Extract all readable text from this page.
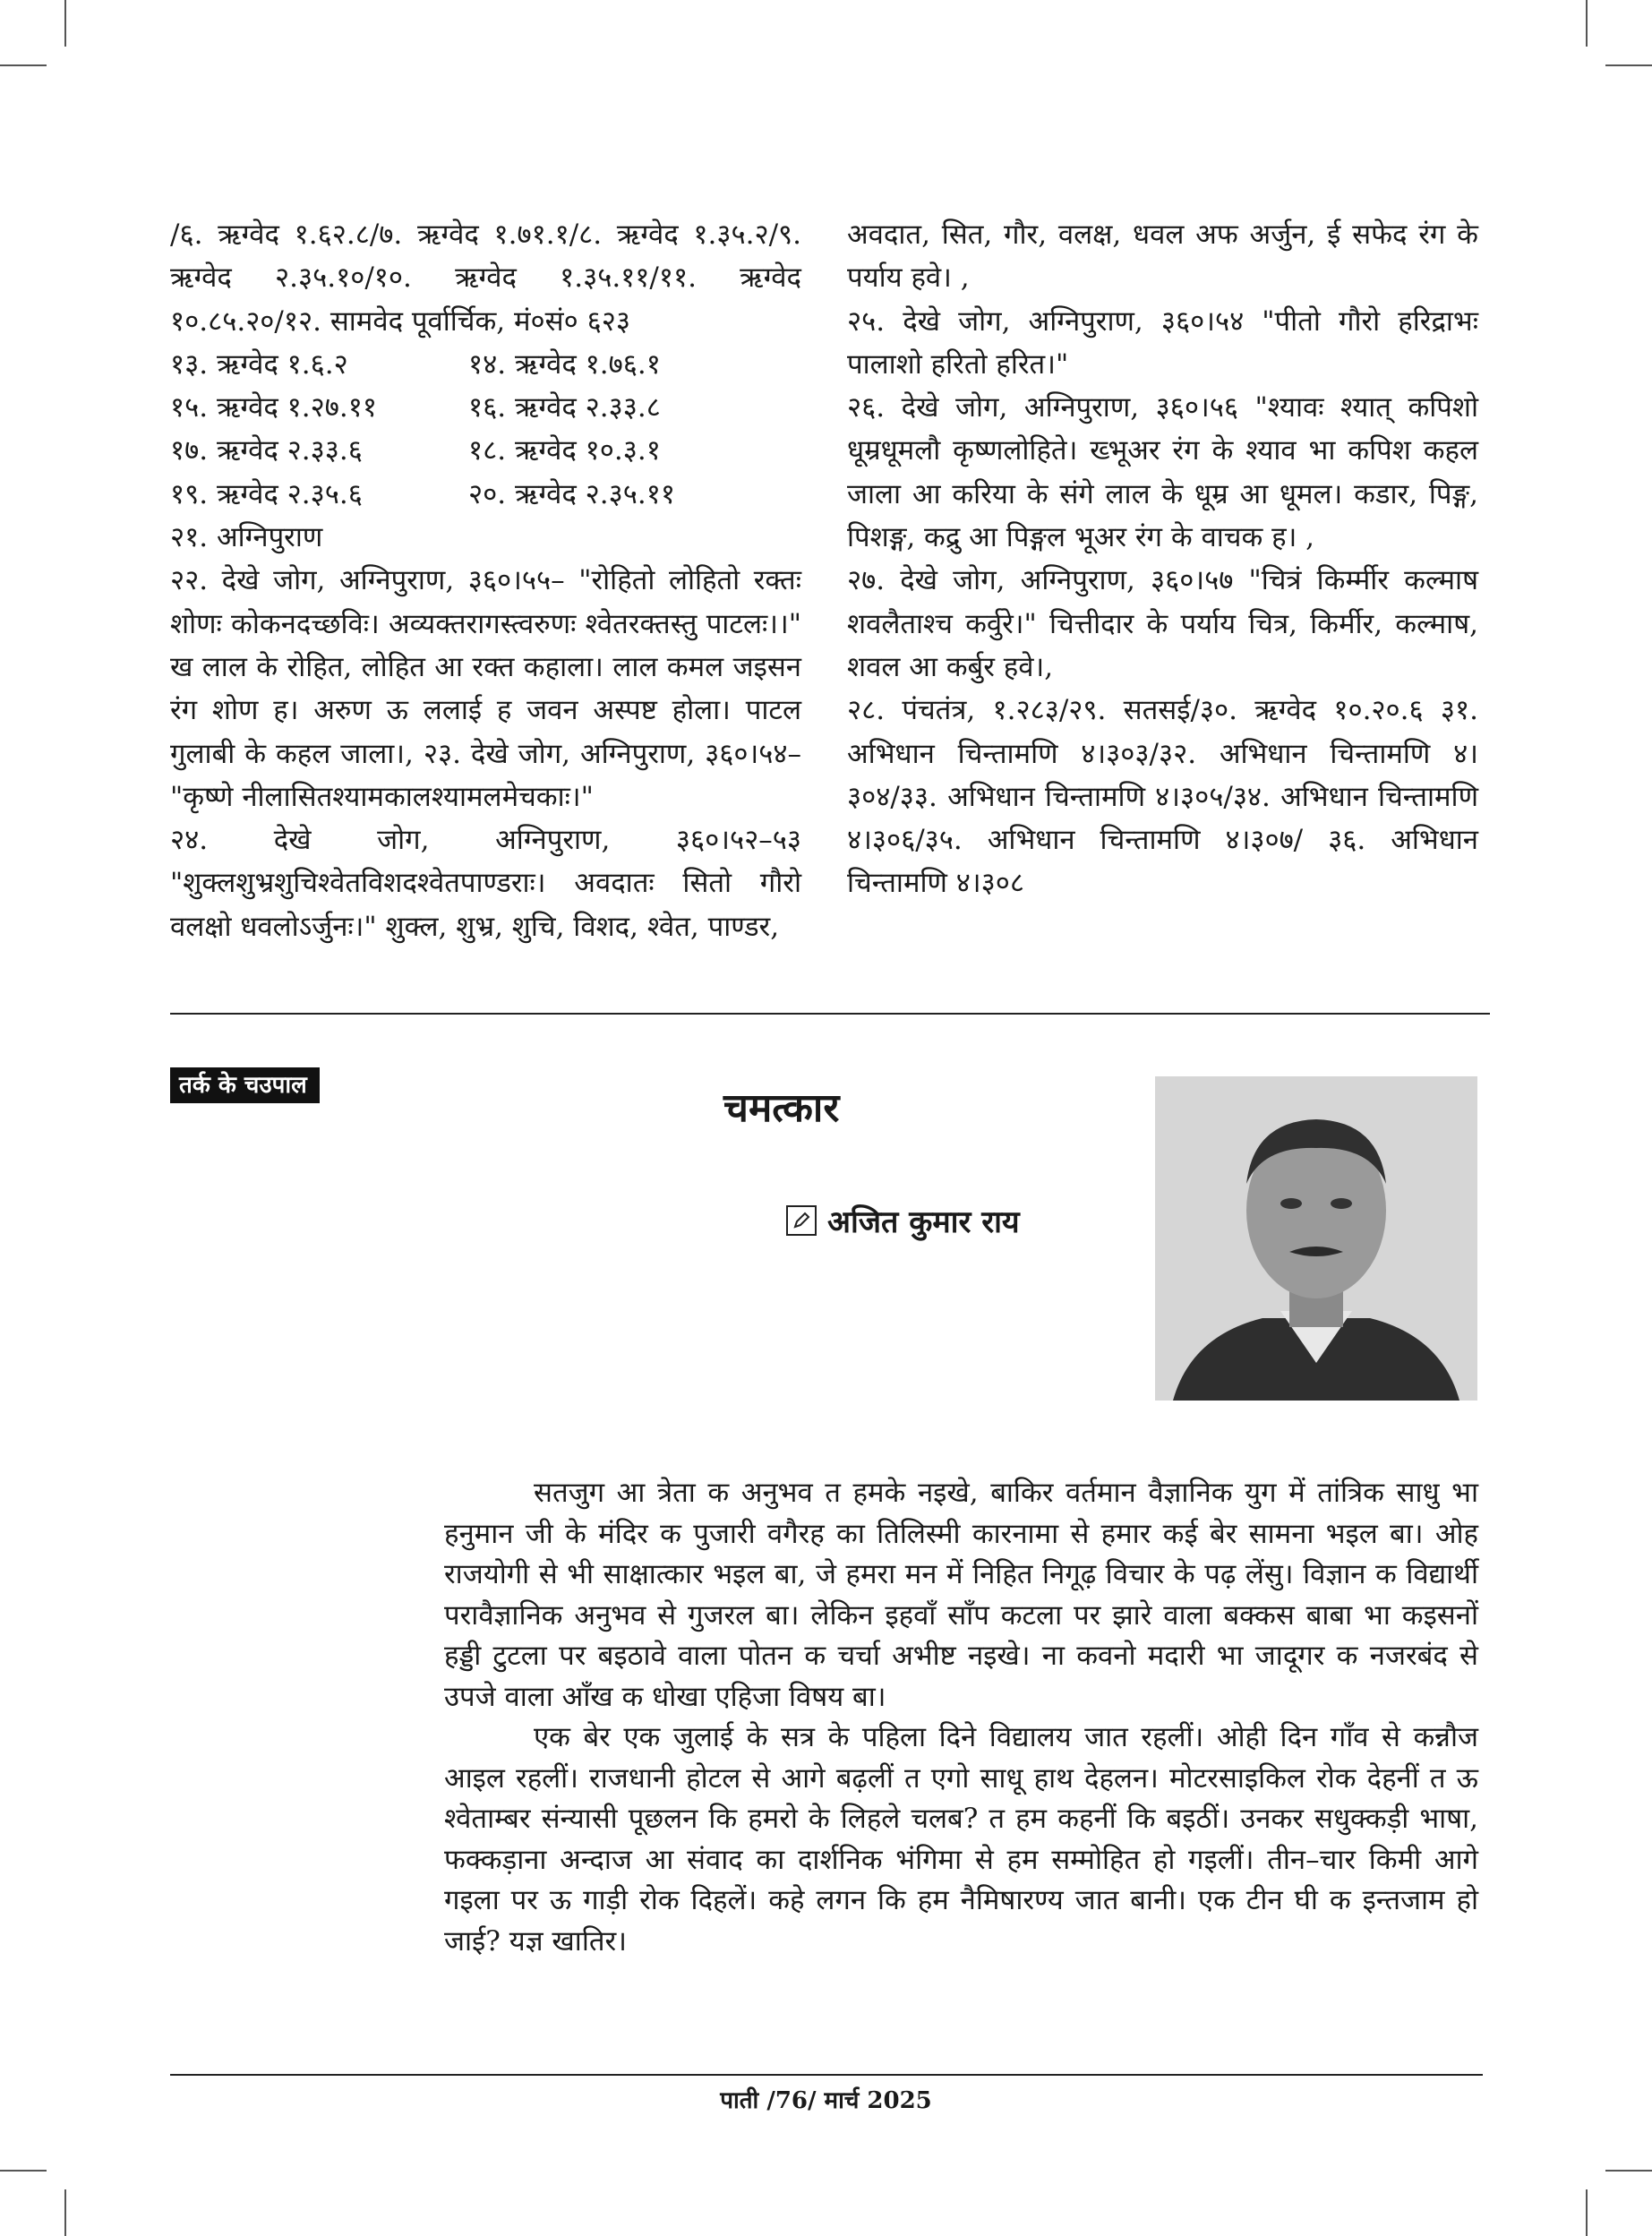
/६. ऋग्वेद १.६२.८/७. ऋग्वेद १.७१.१/८. ऋग्वेद १.३५.२/९. ऋग्वेद २.३५.१०/१०. ऋग्वेद १.३५.११/११. ऋग्वेद १०.८५.२०/१२. सामवेद पूर्वार्चिक, मं०सं० ६२३

१३. ऋग्वेद १.६.२	१४. ऋग्वेद १.७६.१
१५. ऋग्वेद १.२७.११	१६. ऋग्वेद २.३३.८
१७. ऋग्वेद २.३३.६	१८. ऋग्वेद १०.३.१
१९. ऋग्वेद २.३५.६	२०. ऋग्वेद २.३५.११
२१. अग्निपुराण

२२. देखे जोग, अग्निपुराण, ३६०।५५– "रोहितो लोहितो रक्तः शोणः कोकनदच्छविः। अव्यक्तरागस्त्वरुणः श्वेतरक्तस्तु पाटलः।।" ख लाल के रोहित, लोहित आ रक्त कहाला। लाल कमल जइसन रंग शोण ह। अरुण ऊ ललाई ह जवन अस्पष्ट होला। पाटल गुलाबी के कहल जाला।, २३. देखे जोग, अग्निपुराण, ३६०।५४– "कृष्णे नीलासितश्यामकालश्यामलमेचकाः।"

२४. देखे जोग, अग्निपुराण, ३६०।५२–५३ "शुक्लशुभ्रशुचिश्वेतविशदश्वेतपाण्डराः। अवदातः सितो गौरो वलक्षो धवलोऽर्जुनः।" शुक्ल, शुभ्र, शुचि, विशद, श्वेत, पाण्डर,

अवदात, सित, गौर, वलक्ष, धवल अफ अर्जुन, ई सफेद रंग के पर्याय हवे। ,

२५. देखे जोग, अग्निपुराण, ३६०।५४ "पीतो गौरो हरिद्राभः पालाशो हरितो हरित।"

२६. देखे जोग, अग्निपुराण, ३६०।५६ "श्यावः श्यात् कपिशो धूम्रधूमलौ कृष्णलोहिते। ख्भूअर रंग के श्याव भा कपिश कहल जाला आ करिया के संगे लाल के धूम्र आ धूमल। कडार, पिङ्ग, पिशङ्ग, कद्रु आ पिङ्गल भूअर रंग के वाचक ह। ,

२७. देखे जोग, अग्निपुराण, ३६०।५७ "चित्रं किर्म्मीर कल्माष शवलैताश्च कर्वुरे।" चित्तीदार के पर्याय चित्र, किर्मीर, कल्माष, शवल आ कर्बुर हवे।,

२८. पंचतंत्र, १.२८३/२९. सतसई/३०. ऋग्वेद १०.२०.६ ३१. अभिधान चिन्तामणि ४।३०३/३२. अभिधान चिन्तामणि ४।३०४/३३. अभिधान चिन्तामणि ४।३०५/३४. अभिधान चिन्तामणि ४।३०६/३५. अभिधान चिन्तामणि ४।३०७/ ३६. अभिधान चिन्तामणि ४।३०८

तर्क के चउपाल	चमत्कार
अजित कुमार राय

सतजुग आ त्रेता क अनुभव त हमके नइखे, बाकिर वर्तमान वैज्ञानिक युग में तांत्रिक साधु भा हनुमान जी के मंदिर क पुजारी वगैरह का तिलिस्मी कारनामा से हमार कई बेर सामना भइल बा। ओह राजयोगी से भी साक्षात्कार भइल बा, जे हमरा मन में निहित निगूढ़ विचार के पढ़ लेंसु। विज्ञान क विद्यार्थी परावैज्ञानिक अनुभव से गुजरल बा। लेकिन इहवाँ साँप कटला पर झारे वाला बक्कस बाबा भा कइसनों हड्डी टुटला पर बइठावे वाला पोतन क चर्चा अभीष्ट नइखे। ना कवनो मदारी भा जादूगर क नजरबंद से उपजे वाला आँख क धोखा एहिजा विषय बा।

एक बेर एक जुलाई के सत्र के पहिला दिने विद्यालय जात रहलीं। ओही दिन गाँव से कन्नौज आइल रहलीं। राजधानी होटल से आगे बढ़लीं त एगो साधू हाथ देहलन। मोटरसाइकिल रोक देहनीं त ऊ श्वेताम्बर संन्यासी पूछलन कि हमरो के लिहले चलब? त हम कहनीं कि बइठीं। उनकर सधुक्कड़ी भाषा, फक्कड़ाना अन्दाज आ संवाद का दार्शनिक भंगिमा से हम सम्मोहित हो गइलीं। तीन–चार किमी आगे गइला पर ऊ गाड़ी रोक दिहलें। कहे लगन कि हम नैमिषारण्य जात बानी। एक टीन घी क इन्तजाम हो जाई? यज्ञ खातिर।

पाती /76/ मार्च 2025
